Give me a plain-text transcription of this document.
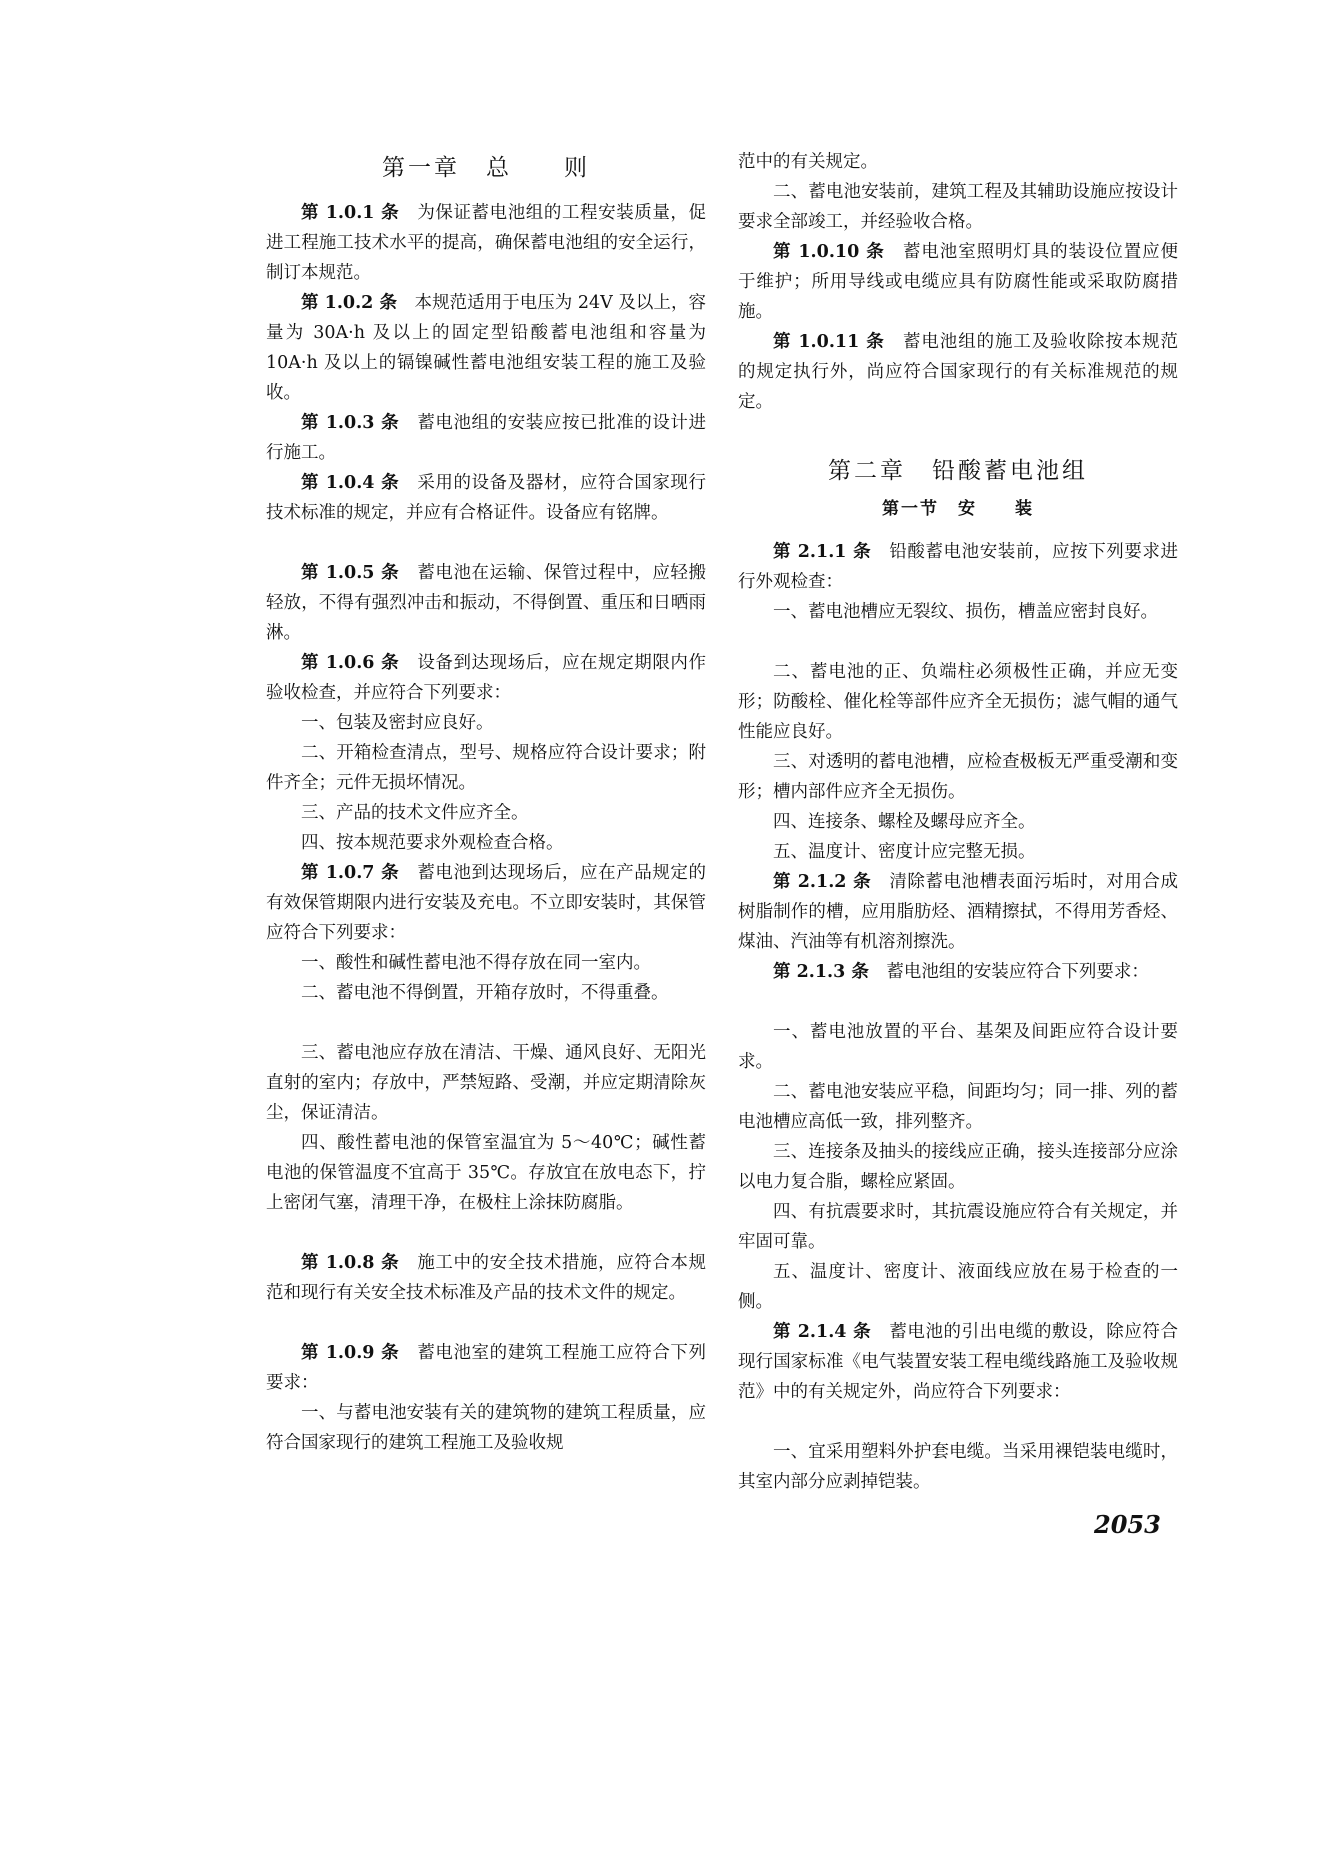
第一章　总　　则
第 1.0.1 条　 为保证蓄电池组的工程安装质量，促进工程施工技术水平的提高，确保蓄电池组的安全运行，制订本规范。
第 1.0.2 条　 本规范适用于电压为 24V 及以上，容量为 30A·h 及以上的固定型铅酸蓄电池组和容量为 10A·h 及以上的镉镍碱性蓄电池组安装工程的施工及验收。
第 1.0.3 条　 蓄电池组的安装应按已批准的设计进行施工。
第 1.0.4 条　 采用的设备及器材，应符合国家现行技术标准的规定，并应有合格证件。设备应有铭牌。
第 1.0.5 条　 蓄电池在运输、保管过程中，应轻搬轻放，不得有强烈冲击和振动，不得倒置、重压和日晒雨淋。
第 1.0.6 条　 设备到达现场后，应在规定期限内作验收检查，并应符合下列要求：
一、包装及密封应良好。
二、开箱检查清点，型号、规格应符合设计要求；附件齐全；元件无损坏情况。
三、产品的技术文件应齐全。
四、按本规范要求外观检查合格。
第 1.0.7 条　 蓄电池到达现场后，应在产品规定的有效保管期限内进行安装及充电。不立即安装时，其保管应符合下列要求：
一、酸性和碱性蓄电池不得存放在同一室内。
二、蓄电池不得倒置，开箱存放时，不得重叠。
三、蓄电池应存放在清洁、干燥、通风良好、无阳光直射的室内；存放中，严禁短路、受潮，并应定期清除灰尘，保证清洁。
四、酸性蓄电池的保管室温宜为 5～40℃；碱性蓄电池的保管温度不宜高于 35℃。存放宜在放电态下，拧上密闭气塞，清理干净，在极柱上涂抹防腐脂。
第 1.0.8 条　 施工中的安全技术措施，应符合本规范和现行有关安全技术标准及产品的技术文件的规定。
第 1.0.9 条　 蓄电池室的建筑工程施工应符合下列要求：
一、与蓄电池安装有关的建筑物的建筑工程质量，应符合国家现行的建筑工程施工及验收规
范中的有关规定。
二、蓄电池安装前，建筑工程及其辅助设施应按设计要求全部竣工，并经验收合格。
第 1.0.10 条　 蓄电池室照明灯具的装设位置应便于维护；所用导线或电缆应具有防腐性能或采取防腐措施。
第 1.0.11 条　 蓄电池组的施工及验收除按本规范的规定执行外，尚应符合国家现行的有关标准规范的规定。
第二章　铅酸蓄电池组
第一节　安　　装
第 2.1.1 条　 铅酸蓄电池安装前，应按下列要求进行外观检查：
一、蓄电池槽应无裂纹、损伤，槽盖应密封良好。
二、蓄电池的正、负端柱必须极性正确，并应无变形；防酸栓、催化栓等部件应齐全无损伤；滤气帽的通气性能应良好。
三、对透明的蓄电池槽，应检查极板无严重受潮和变形；槽内部件应齐全无损伤。
四、连接条、螺栓及螺母应齐全。
五、温度计、密度计应完整无损。
第 2.1.2 条　 清除蓄电池槽表面污垢时，对用合成树脂制作的槽，应用脂肪烃、酒精擦拭，不得用芳香烃、煤油、汽油等有机溶剂擦洗。
第 2.1.3 条　 蓄电池组的安装应符合下列要求：
一、蓄电池放置的平台、基架及间距应符合设计要求。
二、蓄电池安装应平稳，间距均匀；同一排、列的蓄电池槽应高低一致，排列整齐。
三、连接条及抽头的接线应正确，接头连接部分应涂以电力复合脂，螺栓应紧固。
四、有抗震要求时，其抗震设施应符合有关规定，并牢固可靠。
五、温度计、密度计、液面线应放在易于检查的一侧。
第 2.1.4 条　 蓄电池的引出电缆的敷设，除应符合现行国家标准《电气装置安装工程电缆线路施工及验收规范》中的有关规定外，尚应符合下列要求：
一、宜采用塑料外护套电缆。当采用裸铠装电缆时，其室内部分应剥掉铠装。
2053
